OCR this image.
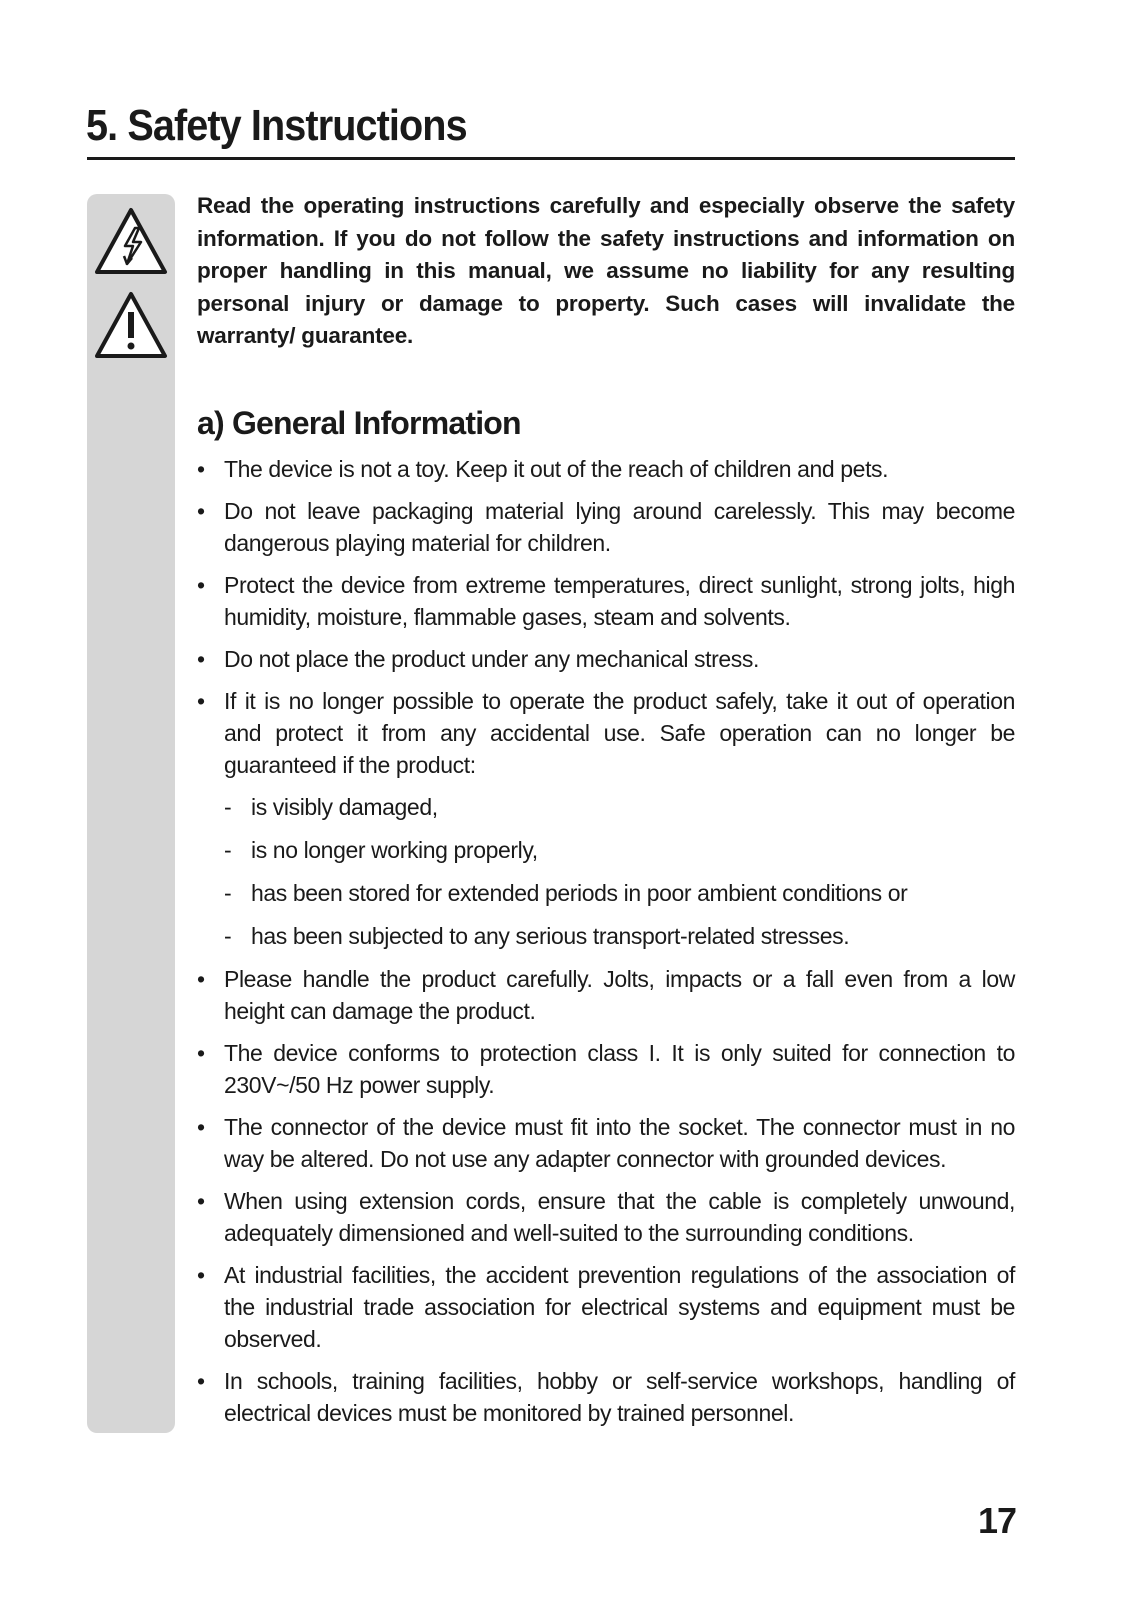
5. Safety Instructions

Read the operating instructions carefully and especially observe the safety information. If you do not follow the safety instructions and information on proper handling in this manual, we assume no liability for any resulting personal injury or damage to property. Such cases will invalidate the warranty/ guarantee.

a) General Information
• The device is not a toy. Keep it out of the reach of children and pets.
• Do not leave packaging material lying around carelessly. This may become dangerous playing material for children.
• Protect the device from extreme temperatures, direct sunlight, strong jolts, high humidity, moisture, flammable gases, steam and solvents.
• Do not place the product under any mechanical stress.
• If it is no longer possible to operate the product safely, take it out of operation and protect it from any accidental use. Safe operation can no longer be guaranteed if the product:
- is visibly damaged,
- is no longer working properly,
- has been stored for extended periods in poor ambient conditions or
- has been subjected to any serious transport-related stresses.
• Please handle the product carefully. Jolts, impacts or a fall even from a low height can damage the product.
• The device conforms to protection class I. It is only suited for connection to 230V~/50 Hz power supply.
• The connector of the device must fit into the socket. The connector must in no way be altered. Do not use any adapter connector with grounded devices.
• When using extension cords, ensure that the cable is completely unwound, adequately dimensioned and well-suited to the surrounding conditions.
• At industrial facilities, the accident prevention regulations of the association of the industrial trade association for electrical systems and equipment must be observed.
• In schools, training facilities, hobby or self-service workshops, handling of electrical devices must be monitored by trained personnel.
17
